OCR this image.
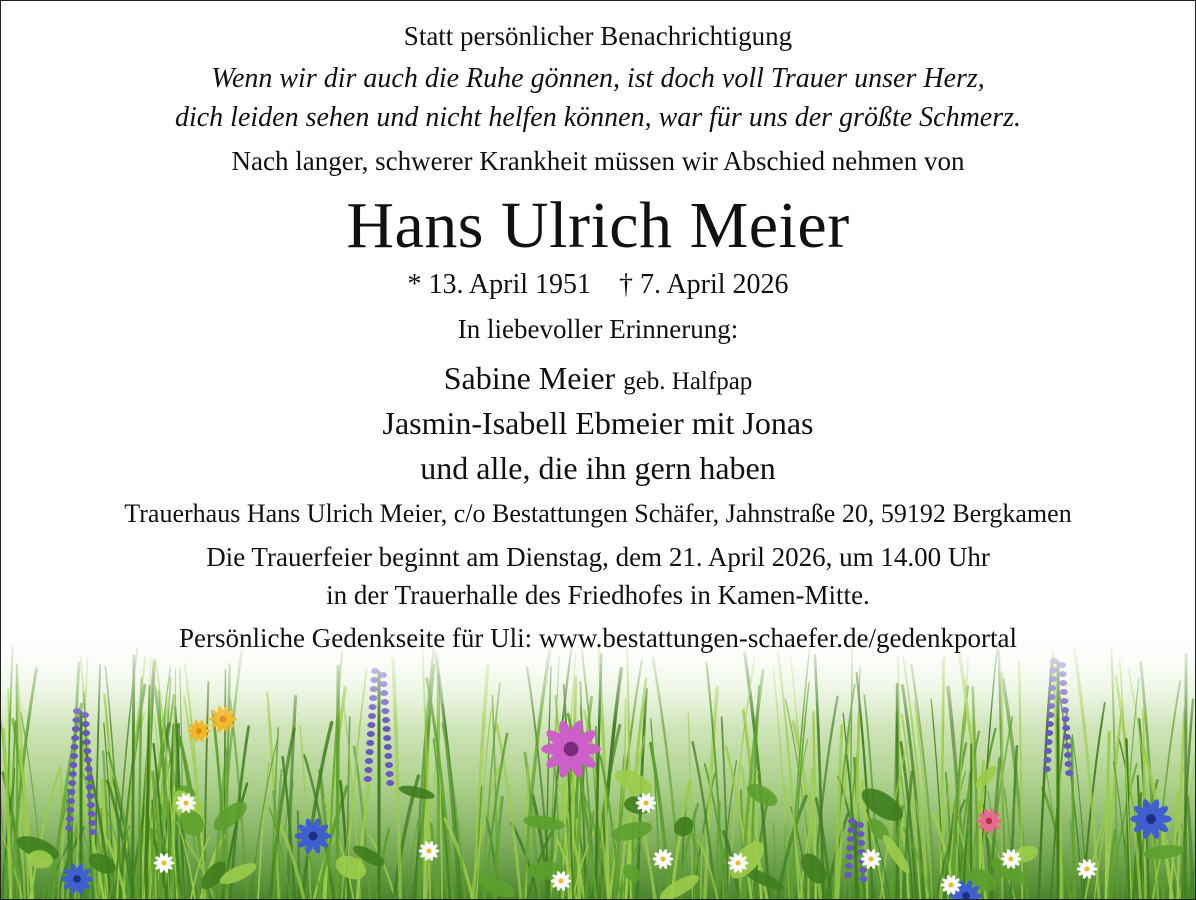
Statt persönlicher Benachrichtigung
Wenn wir dir auch die Ruhe gönnen, ist doch voll Trauer unser Herz,
dich leiden sehen und nicht helfen können, war für uns der größte Schmerz.
Nach langer, schwerer Krankheit müssen wir Abschied nehmen von
Hans Ulrich Meier
* 13. April 1951 † 7. April 2026
In liebevoller Erinnerung:
Sabine Meier geb. Halfpap
Jasmin-Isabell Ebmeier mit Jonas
und alle, die ihn gern haben
Trauerhaus Hans Ulrich Meier, c/o Bestattungen Schäfer, Jahnstraße 20, 59192 Bergkamen
Die Trauerfeier beginnt am Dienstag, dem 21. April 2026, um 14.00 Uhr
in der Trauerhalle des Friedhofes in Kamen-Mitte.
Persönliche Gedenkseite für Uli: www.bestattungen-schaefer.de/gedenkportal
